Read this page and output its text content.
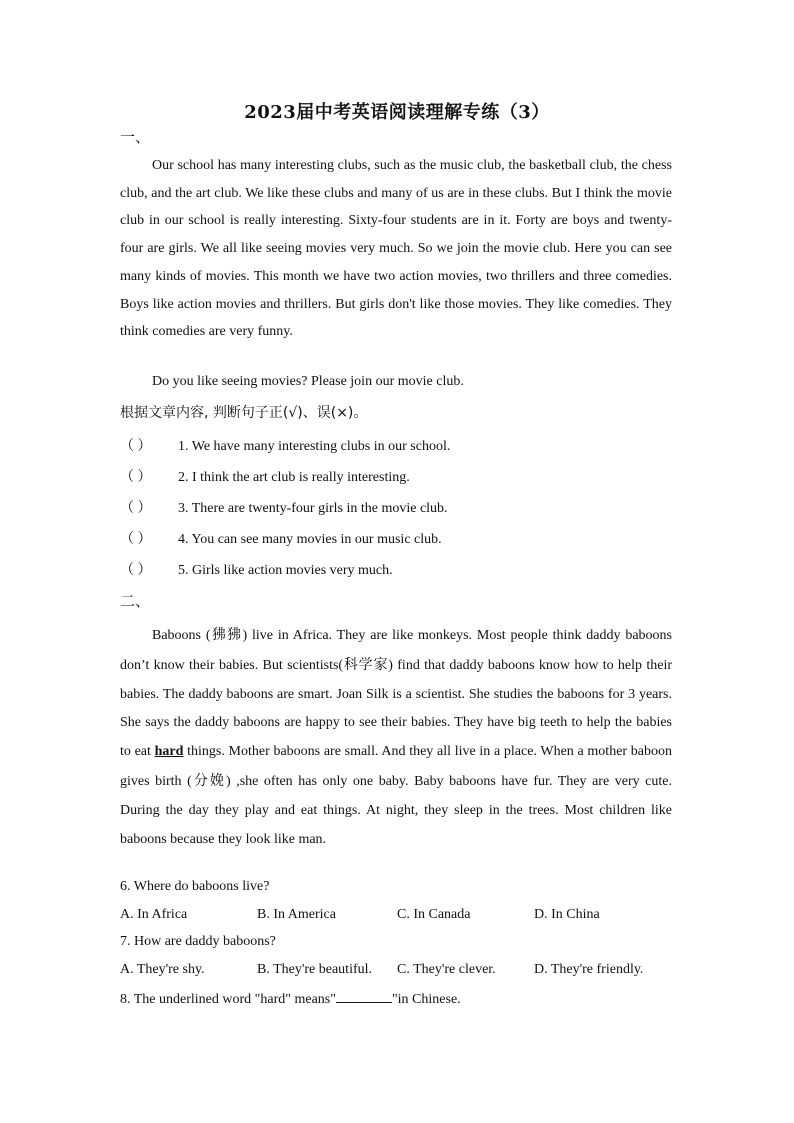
2023届中考英语阅读理解专练（3）
一、
Our school has many interesting clubs, such as the music club, the basketball club, the chess club, and the art club. We like these clubs and many of us are in these clubs. But I think the movie club in our school is really interesting. Sixty-four students are in it. Forty are boys and twenty-four are girls. We all like seeing movies very much. So we join the movie club. Here you can see many kinds of movies. This month we have two action movies, two thrillers and three comedies. Boys like action movies and thrillers. But girls don't like those movies. They like comedies. They think comedies are very funny.
Do you like seeing movies? Please join our movie club.
根据文章内容, 判断句子正(√)、误(×)。
（ ） 1. We have many interesting clubs in our school.
（ ） 2. I think the art club is really interesting.
（ ） 3. There are twenty-four girls in the movie club.
（ ） 4. You can see many movies in our music club.
（ ） 5. Girls like action movies very much.
二、
Baboons (狒狒) live in Africa. They are like monkeys. Most people think daddy baboons don’t know their babies. But scientists(科学家) find that daddy baboons know how to help their babies. The daddy baboons are smart. Joan Silk is a scientist. She studies the baboons for 3 years. She says the daddy baboons are happy to see their babies. They have big teeth to help the babies to eat hard things. Mother baboons are small. And they all live in a place. When a mother baboon gives birth (分娩) ,she often has only one baby. Baby baboons have fur. They are very cute. During the day they play and eat things. At night, they sleep in the trees. Most children like baboons because they look like man.
6. Where do baboons live?
A. In Africa	B. In America	C. In Canada	D. In China
7. How are daddy baboons?
A. They're shy.	B. They're beautiful. C. They're clever.	D. They're friendly.
8. The underlined word "hard" means"	"in Chinese.
